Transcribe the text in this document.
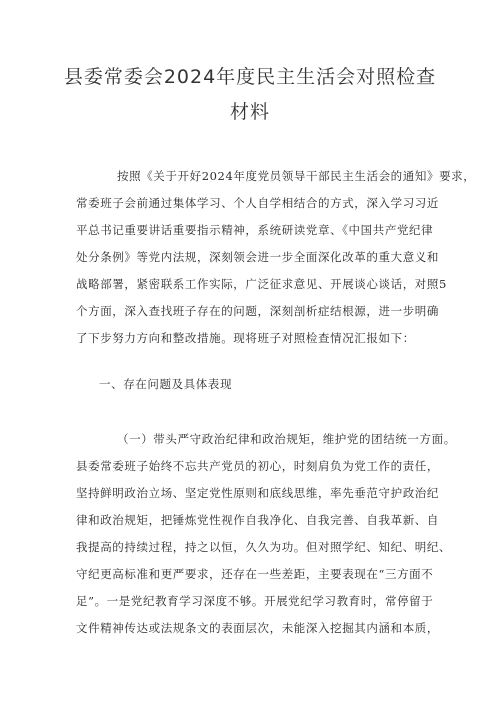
县委常委会2024年度民主生活会对照检查
材料
按照《关于开好2024年度党员领导干部民主生活会的通知》要求，
常委班子会前通过集体学习、个人自学相结合的方式，深入学习习近
平总书记重要讲话重要指示精神，系统研读党章、《中国共产党纪律
处分条例》等党内法规，深刻领会进一步全面深化改革的重大意义和
战略部署，紧密联系工作实际，广泛征求意见、开展谈心谈话，对照5
个方面，深入查找班子存在的问题，深刻剖析症结根源，进一步明确
了下步努力方向和整改措施。现将班子对照检查情况汇报如下：
一、存在问题及具体表现
（一）带头严守政治纪律和政治规矩，维护党的团结统一方面。
县委常委班子始终不忘共产党员的初心，时刻肩负为党工作的责任，
坚持鲜明政治立场、坚定党性原则和底线思维，率先垂范守护政治纪
律和政治规矩，把锤炼党性视作自我净化、自我完善、自我革新、自
我提高的持续过程，持之以恒，久久为功。但对照学纪、知纪、明纪、
守纪更高标准和更严要求，还存在一些差距，主要表现在“三方面不
足”。一是党纪教育学习深度不够。开展党纪学习教育时，常停留于
文件精神传达或法规条文的表面层次，未能深入挖掘其内涵和本质，
